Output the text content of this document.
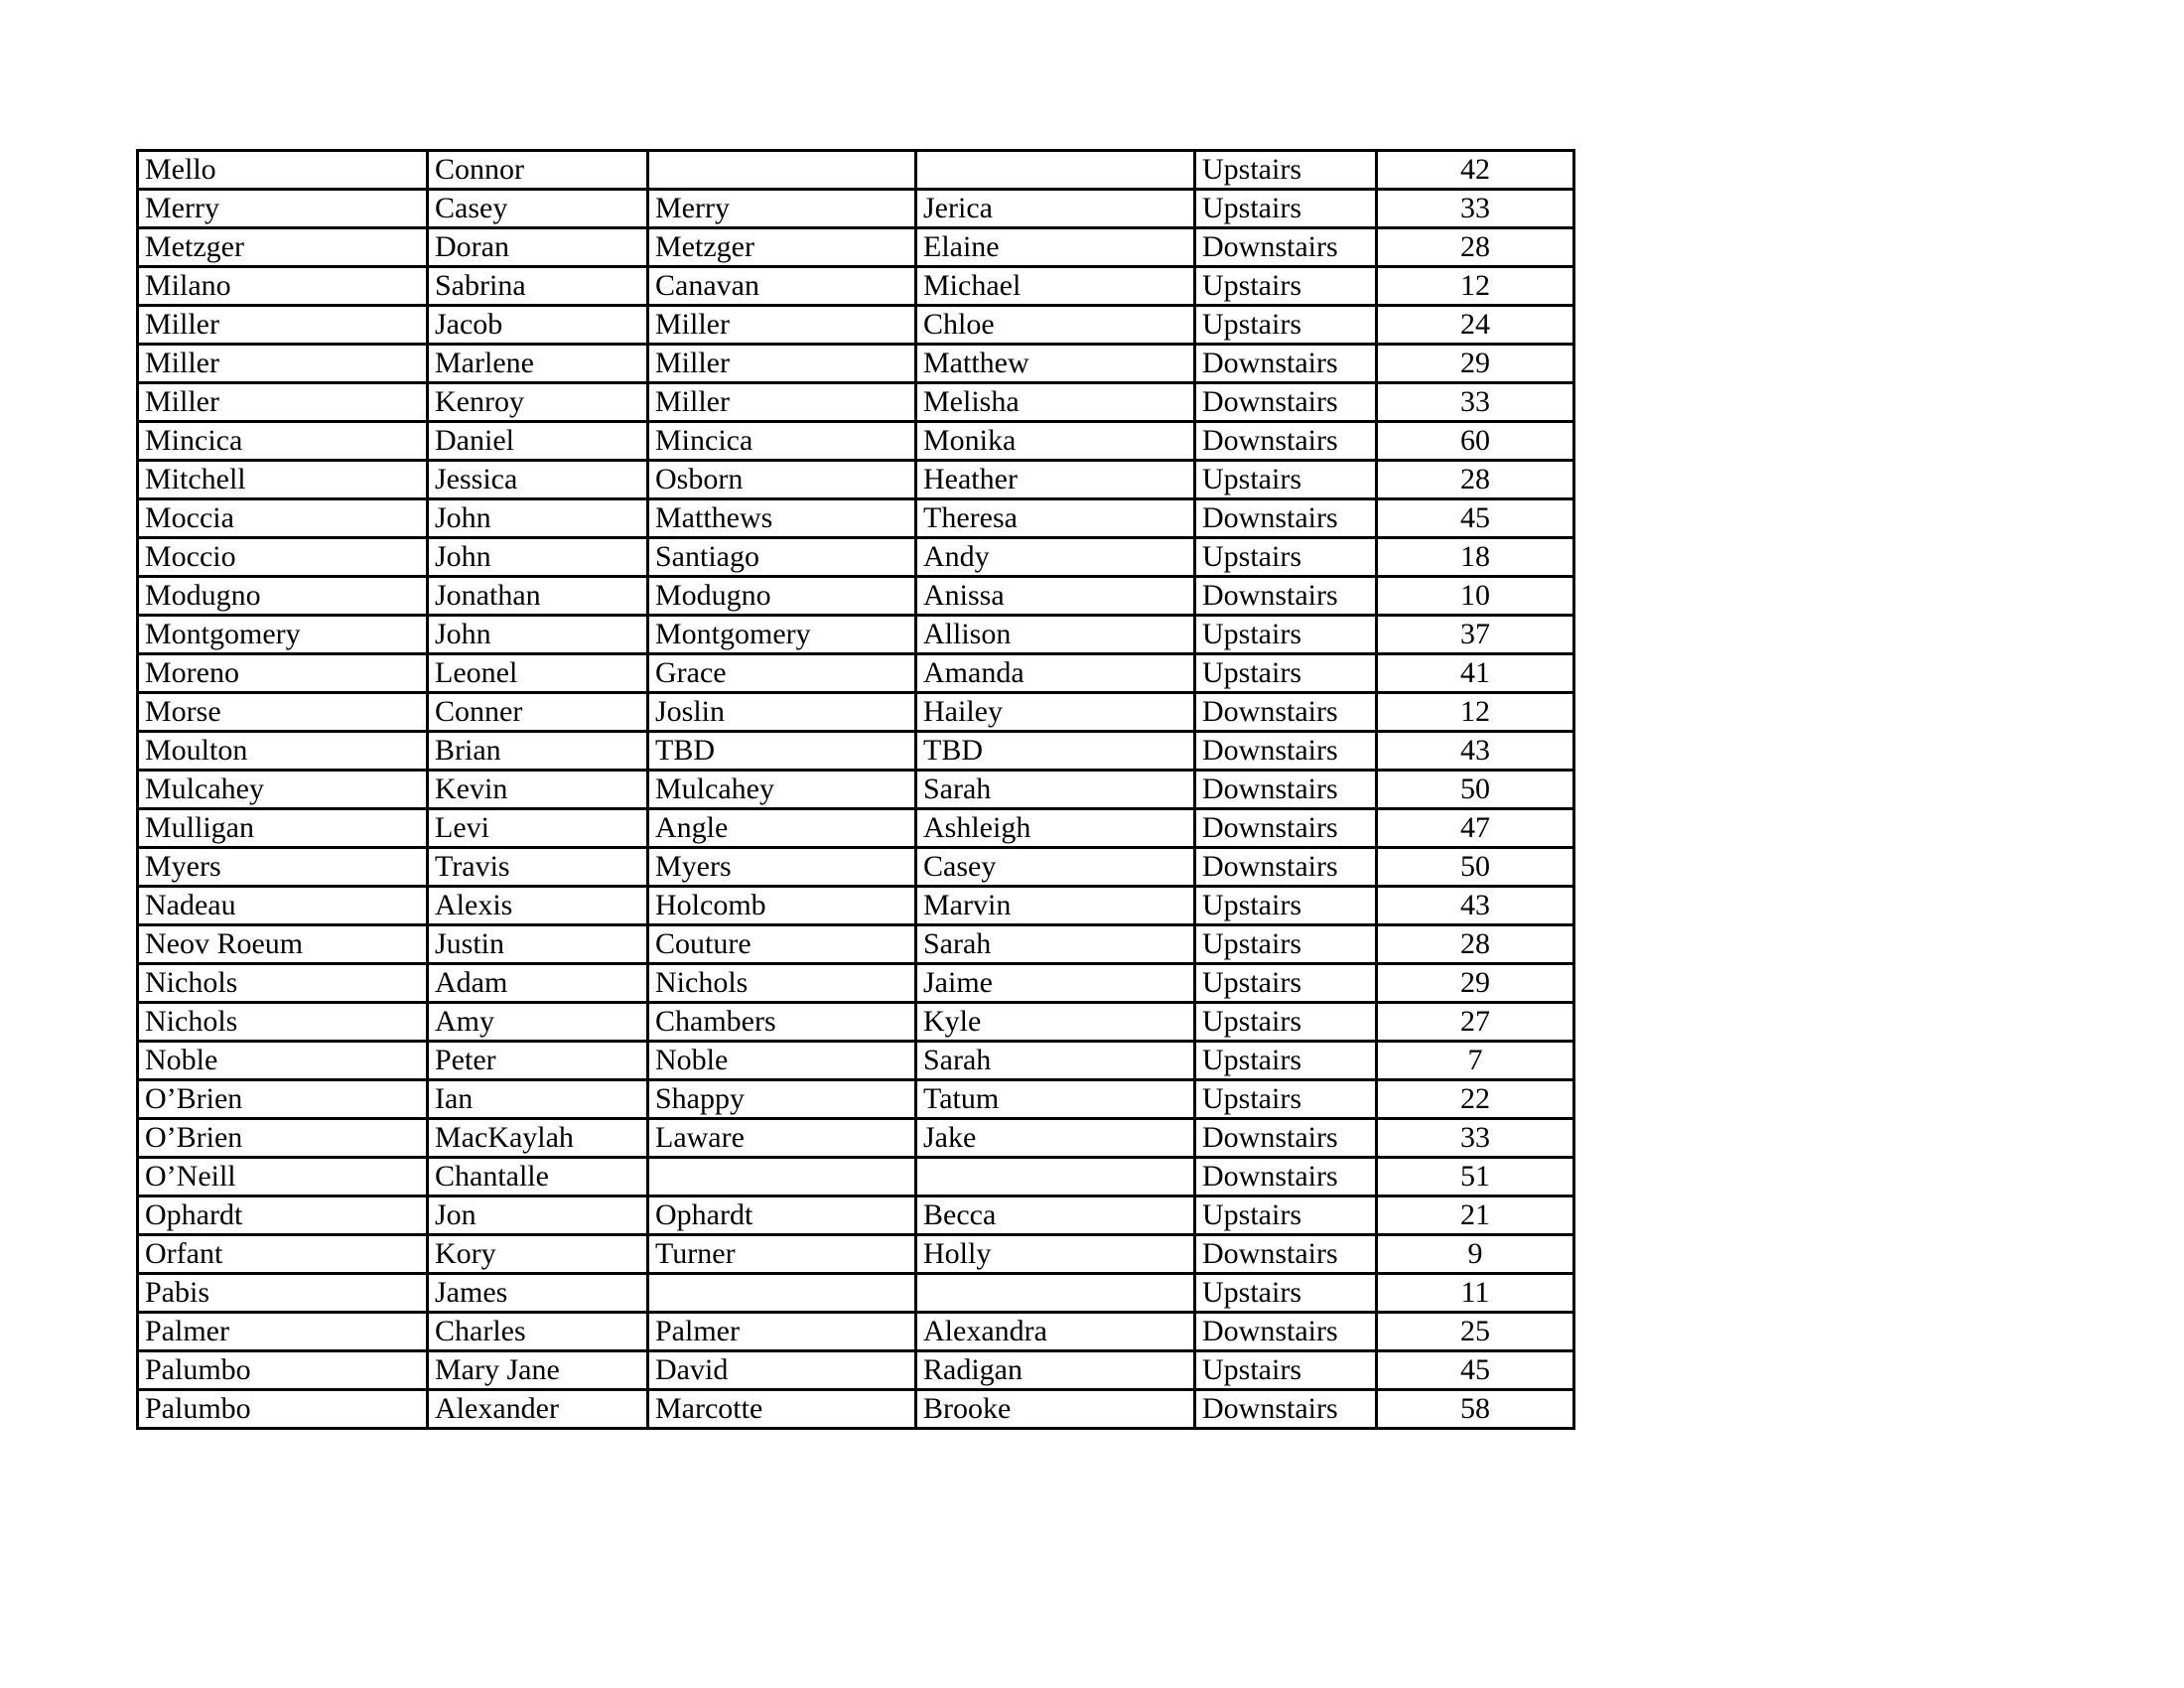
Mello	Connor			Upstairs	42
Merry	Casey	Merry	Jerica	Upstairs	33
Metzger	Doran	Metzger	Elaine	Downstairs	28
Milano	Sabrina	Canavan	Michael	Upstairs	12
Miller	Jacob	Miller	Chloe	Upstairs	24
Miller	Marlene	Miller	Matthew	Downstairs	29
Miller	Kenroy	Miller	Melisha	Downstairs	33
Mincica	Daniel	Mincica	Monika	Downstairs	60
Mitchell	Jessica	Osborn	Heather	Upstairs	28
Moccia	John	Matthews	Theresa	Downstairs	45
Moccio	John	Santiago	Andy	Upstairs	18
Modugno	Jonathan	Modugno	Anissa	Downstairs	10
Montgomery	John	Montgomery	Allison	Upstairs	37
Moreno	Leonel	Grace	Amanda	Upstairs	41
Morse	Conner	Joslin	Hailey	Downstairs	12
Moulton	Brian	TBD	TBD	Downstairs	43
Mulcahey	Kevin	Mulcahey	Sarah	Downstairs	50
Mulligan	Levi	Angle	Ashleigh	Downstairs	47
Myers	Travis	Myers	Casey	Downstairs	50
Nadeau	Alexis	Holcomb	Marvin	Upstairs	43
Neov Roeum	Justin	Couture	Sarah	Upstairs	28
Nichols	Adam	Nichols	Jaime	Upstairs	29
Nichols	Amy	Chambers	Kyle	Upstairs	27
Noble	Peter	Noble	Sarah	Upstairs	7
O’Brien	Ian	Shappy	Tatum	Upstairs	22
O’Brien	MacKaylah	Laware	Jake	Downstairs	33
O’Neill	Chantalle			Downstairs	51
Ophardt	Jon	Ophardt	Becca	Upstairs	21
Orfant	Kory	Turner	Holly	Downstairs	9
Pabis	James			Upstairs	11
Palmer	Charles	Palmer	Alexandra	Downstairs	25
Palumbo	Mary Jane	David	Radigan	Upstairs	45
Palumbo	Alexander	Marcotte	Brooke	Downstairs	58
